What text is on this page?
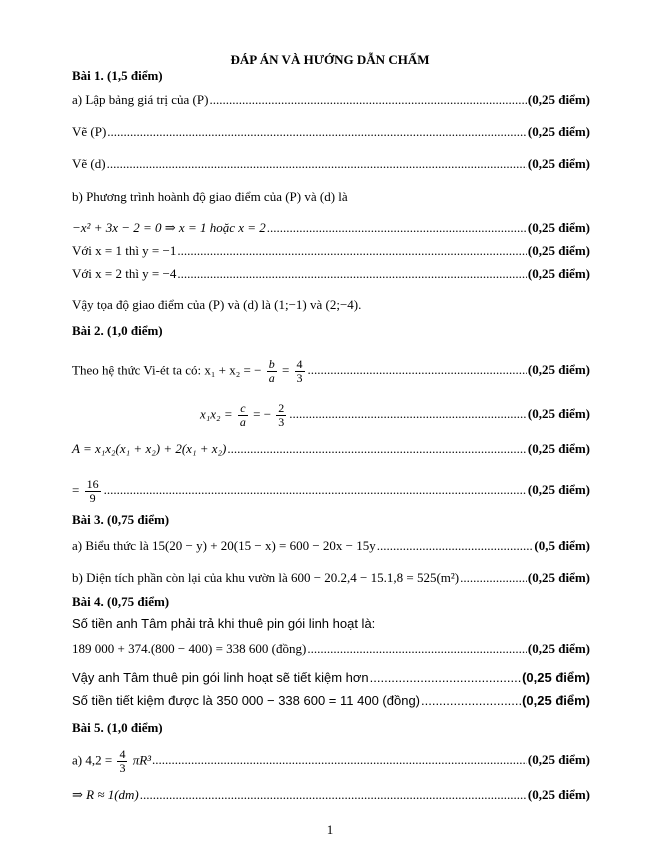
ĐÁP ÁN VÀ HƯỚNG DẪN CHẤM
Bài 1. (1,5 điểm)
a) Lập bảng giá trị của (P) .....	(0,25 điểm)
Vẽ (P) .....	(0,25 điểm)
Vẽ (d) .....	(0,25 điểm)
b) Phương trình hoành độ giao điểm của (P) và (d) là
−x² + 3x − 2 = 0 ⇒ x = 1 hoặc x = 2 .....	(0,25 điểm)
Với x = 1 thì y = −1 .....	(0,25 điểm)
Với x = 2 thì y = −4 .....	(0,25 điểm)
Vậy tọa độ giao điểm của (P) và (d) là (1;−1) và (2;−4).
Bài 2. (1,0 điểm)
Theo hệ thức Vi-ét ta có: x₁ + x₂ = − $\frac{b}{a} = \frac{4}{3}$ .....	(0,25 điểm)
$x_1x_2 = \frac{c}{a}$ = − $\frac{2}{3}$ .....	(0,25 điểm)
A = x₁x₂(x₁ + x₂) + 2(x₁ + x₂) .....	(0,25 điểm)
= $\frac{16}{9}$ .....	(0,25 điểm)
Bài 3. (0,75 điểm)
a) Biểu thức là 15(20 − y) + 20(15 − x) = 600 − 20x − 15y .....	(0,5 điểm)
b) Diện tích phần còn lại của khu vườn là 600 − 20.2,4 − 15.1,8 = 525(m²) .....	(0,25 điểm)
Bài 4. (0,75 điểm)
Số tiền anh Tâm phải trả khi thuê pin gói linh hoạt là:
189 000 + 374.(800 − 400) = 338 600 (đồng) .....	(0,25 điểm)
Vậy anh Tâm thuê pin gói linh hoạt sẽ tiết kiệm hơn .....	(0,25 điểm)
Số tiền tiết kiệm được là 350 000 − 338 600 = 11 400 (đồng) .....	(0,25 điểm)
Bài 5. (1,0 điểm)
a) $4,2 = \frac{4}{3} \pi R^3$ .....	(0,25 điểm)
⇒ R ≈ 1(dm) .....	(0,25 điểm)
1
